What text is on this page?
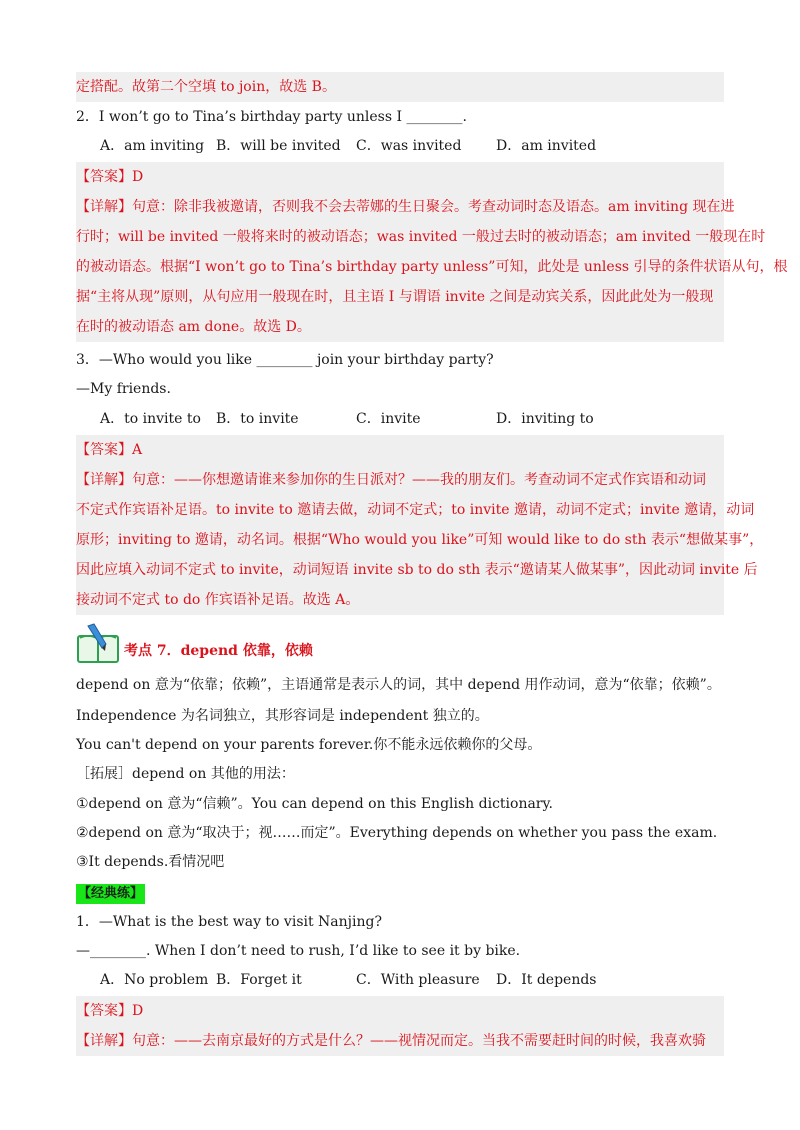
定搭配。故第二个空填 to join，故选 B。
2．I won’t go to Tina’s birthday party unless I ________.
A．am inviting B．will be invited C．was invited D．am invited
【答案】D
【详解】句意：除非我被邀请，否则我不会去蒂娜的生日聚会。考查动词时态及语态。am inviting 现在进
行时；will be invited 一般将来时的被动语态；was invited 一般过去时的被动语态；am invited 一般现在时
的被动语态。根据“I won’t go to Tina’s birthday party unless”可知，此处是 unless 引导的条件状语从句，根
据“主将从现”原则，从句应用一般现在时，且主语 I 与谓语 invite 之间是动宾关系，因此此处为一般现
在时的被动语态 am done。故选 D。
3．—Who would you like ________ join your birthday party?
—My friends.
A．to invite to B．to invite	C．invite	D．inviting to
【答案】A
【详解】句意：——你想邀请谁来参加你的生日派对？——我的朋友们。考查动词不定式作宾语和动词
不定式作宾语补足语。to invite to 邀请去做，动词不定式；to invite 邀请，动词不定式；invite 邀请，动词
原形；inviting to 邀请，动名词。根据“Who would you like”可知 would like to do sth 表示“想做某事”，
因此应填入动词不定式 to invite，动词短语 invite sb to do sth 表示“邀请某人做某事”，因此动词 invite 后
接动词不定式 to do 作宾语补足语。故选 A。
考点 7．depend 依靠，依赖
depend on 意为“依靠；依赖”，主语通常是表示人的词，其中 depend 用作动词，意为“依靠；依赖”。
Independence 为名词独立，其形容词是 independent 独立的。
You can't depend on your parents forever.你不能永远依赖你的父母。
［拓展］depend on 其他的用法：
①depend on 意为“信赖”。You can depend on this English dictionary.
②depend on 意为“取决于；视……而定”。Everything depends on whether you pass the exam.
③It depends.看情况吧
【经典练】
1．—What is the best way to visit Nanjing?
—________. When I don’t need to rush, I’d like to see it by bike.
A．No problem B．Forget it	C．With pleasure D．It depends
【答案】D
【详解】句意：——去南京最好的方式是什么？——视情况而定。当我不需要赶时间的时候，我喜欢骑
